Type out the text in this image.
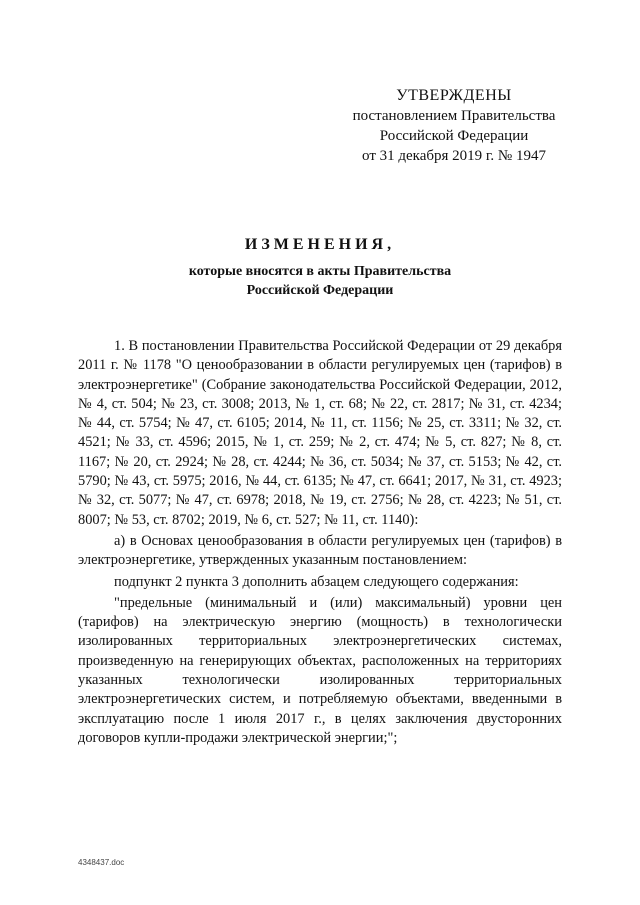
УТВЕРЖДЕНЫ
постановлением Правительства
Российской Федерации
от 31 декабря 2019 г. № 1947
ИЗМЕНЕНИЯ,
которые вносятся в акты Правительства
Российской Федерации

1. В постановлении Правительства Российской Федерации от 29 декабря 2011 г. № 1178 "О ценообразовании в области регулируемых цен (тарифов) в электроэнергетике" (Собрание законодательства Российской Федерации, 2012, № 4, ст. 504; № 23, ст. 3008; 2013, № 1, ст. 68; № 22, ст. 2817; № 31, ст. 4234; № 44, ст. 5754; № 47, ст. 6105; 2014, № 11, ст. 1156; № 25, ст. 3311; № 32, ст. 4521; № 33, ст. 4596; 2015, № 1, ст. 259; № 2, ст. 474; № 5, ст. 827; № 8, ст. 1167; № 20, ст. 2924; № 28, ст. 4244; № 36, ст. 5034; № 37, ст. 5153; № 42, ст. 5790; № 43, ст. 5975; 2016, № 44, ст. 6135; № 47, ст. 6641; 2017, № 31, ст. 4923; № 32, ст. 5077; № 47, ст. 6978; 2018, № 19, ст. 2756; № 28, ст. 4223; № 51, ст. 8007; № 53, ст. 8702; 2019, № 6, ст. 527; № 11, ст. 1140):

а) в Основах ценообразования в области регулируемых цен (тарифов) в электроэнергетике, утвержденных указанным постановлением:

подпункт 2 пункта 3 дополнить абзацем следующего содержания:

"предельные (минимальный и (или) максимальный) уровни цен (тарифов) на электрическую энергию (мощность) в технологически изолированных территориальных электроэнергетических системах, произведенную на генерирующих объектах, расположенных на территориях указанных технологически изолированных территориальных электроэнергетических систем, и потребляемую объектами, введенными в эксплуатацию после 1 июля 2017 г., в целях заключения двусторонних договоров купли-продажи электрической энергии;";

4348437.doc
